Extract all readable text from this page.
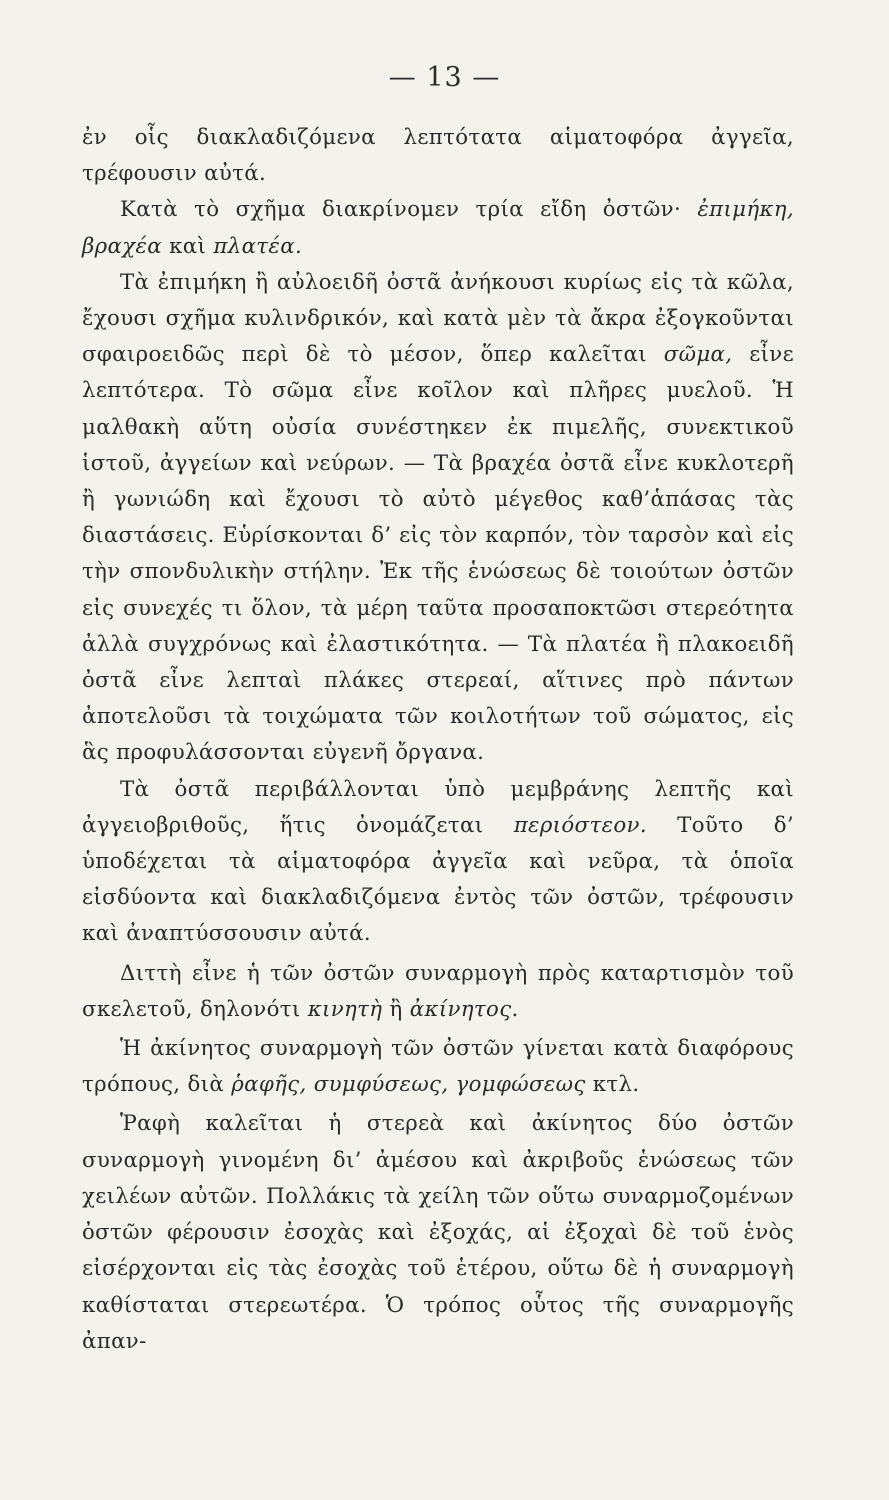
— 13 —

ἐν οἷς διακλαδιζόμενα λεπτότατα αἱματοφόρα ἀγγεῖα, τρέφουσιν αὐτά.

Κατὰ τὸ σχῆμα διακρίνομεν τρία εἴδη ὀστῶν· ἐπιμήκη, βραχέα καὶ πλατέα.

Τὰ ἐπιμήκη ἢ αὐλοειδῆ ὀστᾶ ἀνήκουσι κυρίως εἰς τὰ κῶλα, ἔχουσι σχῆμα κυλινδρικόν, καὶ κατὰ μὲν τὰ ἄκρα ἐξογκοῦνται σφαιροειδῶς περὶ δὲ τὸ μέσον, ὅπερ καλεῖται σῶμα, εἶνε λεπτότερα. Τὸ σῶμα εἶνε κοῖλον καὶ πλῆρες μυελοῦ. Ἡ μαλθακὴ αὕτη οὐσία συνέστηκεν ἐκ πιμελῆς, συνεκτικοῦ ἱστοῦ, ἀγγείων καὶ νεύρων. — Τὰ βραχέα ὀστᾶ εἶνε κυκλοτερῆ ἢ γωνιώδη καὶ ἔχουσι τὸ αὐτὸ μέγεθος καθ’ἁπάσας τὰς διαστάσεις. Εὑρίσκονται δ’ εἰς τὸν καρπόν, τὸν ταρσὸν καὶ εἰς τὴν σπονδυλικὴν στήλην. Ἐκ τῆς ἑνώσεως δὲ τοιούτων ὀστῶν εἰς συνεχές τι ὅλον, τὰ μέρη ταῦτα προσαποκτῶσι στερεότητα ἀλλὰ συγχρόνως καὶ ἐλαστικότητα. — Τὰ πλατέα ἢ πλακοειδῆ ὀστᾶ εἶνε λεπταὶ πλάκες στερεαί, αἵτινες πρὸ πάντων ἀποτελοῦσι τὰ τοιχώματα τῶν κοιλοτήτων τοῦ σώματος, εἰς ἃς προφυλάσσονται εὐγενῆ ὄργανα.

Τὰ ὀστᾶ περιβάλλονται ὑπὸ μεμβράνης λεπτῆς καὶ ἀγγειοβριθοῦς, ἥτις ὀνομάζεται περιόστεον. Τοῦτο δ’ ὑποδέχεται τὰ αἱματοφόρα ἀγγεῖα καὶ νεῦρα, τὰ ὁποῖα εἰσδύοντα καὶ διακλαδιζόμενα ἐντὸς τῶν ὀστῶν, τρέφουσιν καὶ ἀναπτύσσουσιν αὐτά.

Διττὴ εἶνε ἡ τῶν ὀστῶν συναρμογὴ πρὸς καταρτισμὸν τοῦ σκελετοῦ, δηλονότι κινητὴ ἢ ἀκίνητος.

Ἡ ἀκίνητος συναρμογὴ τῶν ὀστῶν γίνεται κατὰ διαφόρους τρόπους, διὰ ῥαφῆς, συμφύσεως, γομφώσεως κτλ.

Ῥαφὴ καλεῖται ἡ στερεὰ καὶ ἀκίνητος δύο ὀστῶν συναρμογὴ γινομένη δι’ ἀμέσου καὶ ἀκριβοῦς ἑνώσεως τῶν χειλέων αὐτῶν. Πολλάκις τὰ χείλη τῶν οὕτω συναρμοζομένων ὀστῶν φέρουσιν ἐσοχὰς καὶ ἐξοχάς, αἱ ἐξοχαὶ δὲ τοῦ ἑνὸς εἰσέρχονται εἰς τὰς ἐσοχὰς τοῦ ἑτέρου, οὕτω δὲ ἡ συναρμογὴ καθίσταται στερεωτέρα. Ὁ τρόπος οὗτος τῆς συναρμογῆς ἀπαν-
